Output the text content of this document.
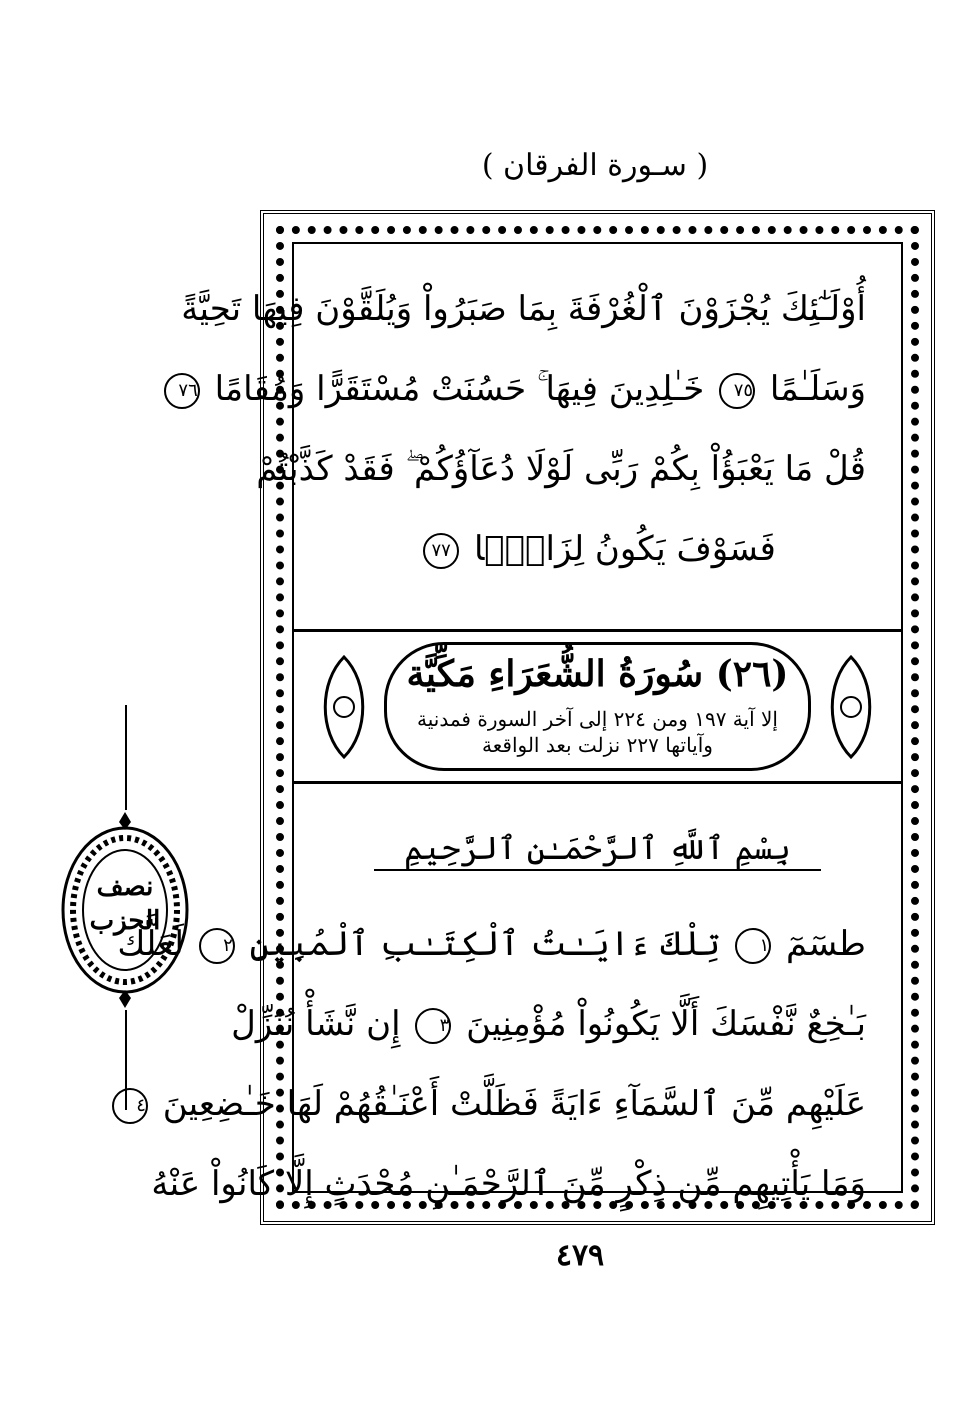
( سـورة الفرقان )
نصف
الحزب
أُوْلَـٰٓئِكَ يُجْزَوْنَ ٱلْغُرْفَةَ بِمَا صَبَرُواْ وَيُلَقَّوْنَ فِيهَا تَحِيَّةً
وَسَلَـٰمًا ٧٥ خَـٰلِدِينَ فِيهَا ۚ حَسُنَتْ مُسْتَقَرًّا وَمُقَامًا ٧٦
قُلْ مَا يَعْبَؤُاْ بِكُمْ رَبِّى لَوْلَا دُعَآؤُكُمْ ۖ فَقَدْ كَذَّبْتُمْ
فَسَوْفَ يَكُونُ لِزَامًۢا ٧٧
(٢٦) سُورَةُ الشُّعَرَاءِ مَكِّيَّة
إلا آية ١٩٧ ومن ٢٢٤ إلى آخر السورة فمدنية
وآياتها ٢٢٧ نزلت بعد الواقعة
بِسْمِ ٱللَّهِ ٱلرَّحْمَـٰنِ ٱلرَّحِيمِ
طسٓمٓ ١ تِلْكَ ءَايَـٰتُ ٱلْكِتَـٰبِ ٱلْمُبِينِ ٢ لَعَلَّكَ
بَـٰخِعٌ نَّفْسَكَ أَلَّا يَكُونُواْ مُؤْمِنِينَ ٣ إِن نَّشَأْ نُنَزِّلْ
عَلَيْهِم مِّنَ ٱلسَّمَآءِ ءَايَةً فَظَلَّتْ أَعْنَـٰقُهُمْ لَهَا خَـٰضِعِينَ ٤
وَمَا يَأْتِيهِم مِّن ذِكْرٍ مِّنَ ٱلرَّحْمَـٰنِ مُحْدَثٍ إِلَّا كَانُواْ عَنْهُ
٤٧٩
